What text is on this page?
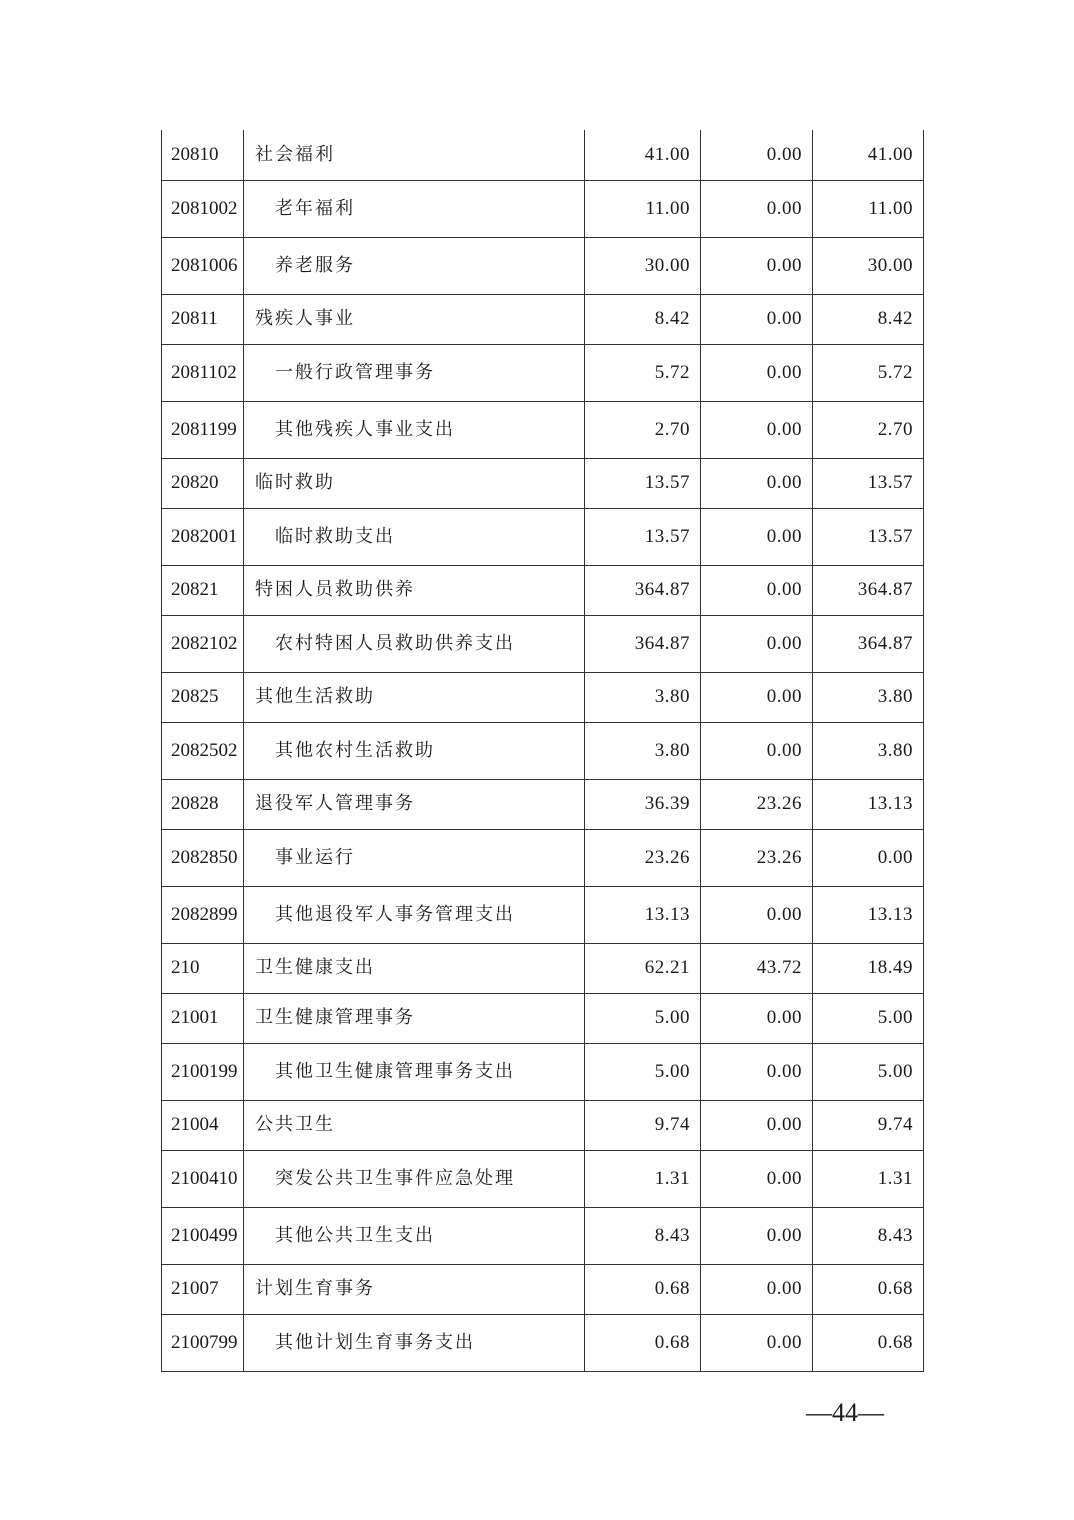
20810	社会福利	41.00	0.00	41.00
2081002	老年福利	11.00	0.00	11.00
2081006	养老服务	30.00	0.00	30.00
20811	残疾人事业	8.42	0.00	8.42
2081102	一般行政管理事务	5.72	0.00	5.72
2081199	其他残疾人事业支出	2.70	0.00	2.70
20820	临时救助	13.57	0.00	13.57
2082001	临时救助支出	13.57	0.00	13.57
20821	特困人员救助供养	364.87	0.00	364.87
2082102	农村特困人员救助供养支出	364.87	0.00	364.87
20825	其他生活救助	3.80	0.00	3.80
2082502	其他农村生活救助	3.80	0.00	3.80
20828	退役军人管理事务	36.39	23.26	13.13
2082850	事业运行	23.26	23.26	0.00
2082899	其他退役军人事务管理支出	13.13	0.00	13.13
210	卫生健康支出	62.21	43.72	18.49
21001	卫生健康管理事务	5.00	0.00	5.00
2100199	其他卫生健康管理事务支出	5.00	0.00	5.00
21004	公共卫生	9.74	0.00	9.74
2100410	突发公共卫生事件应急处理	1.31	0.00	1.31
2100499	其他公共卫生支出	8.43	0.00	8.43
21007	计划生育事务	0.68	0.00	0.68
2100799	其他计划生育事务支出	0.68	0.00	0.68
—44—
